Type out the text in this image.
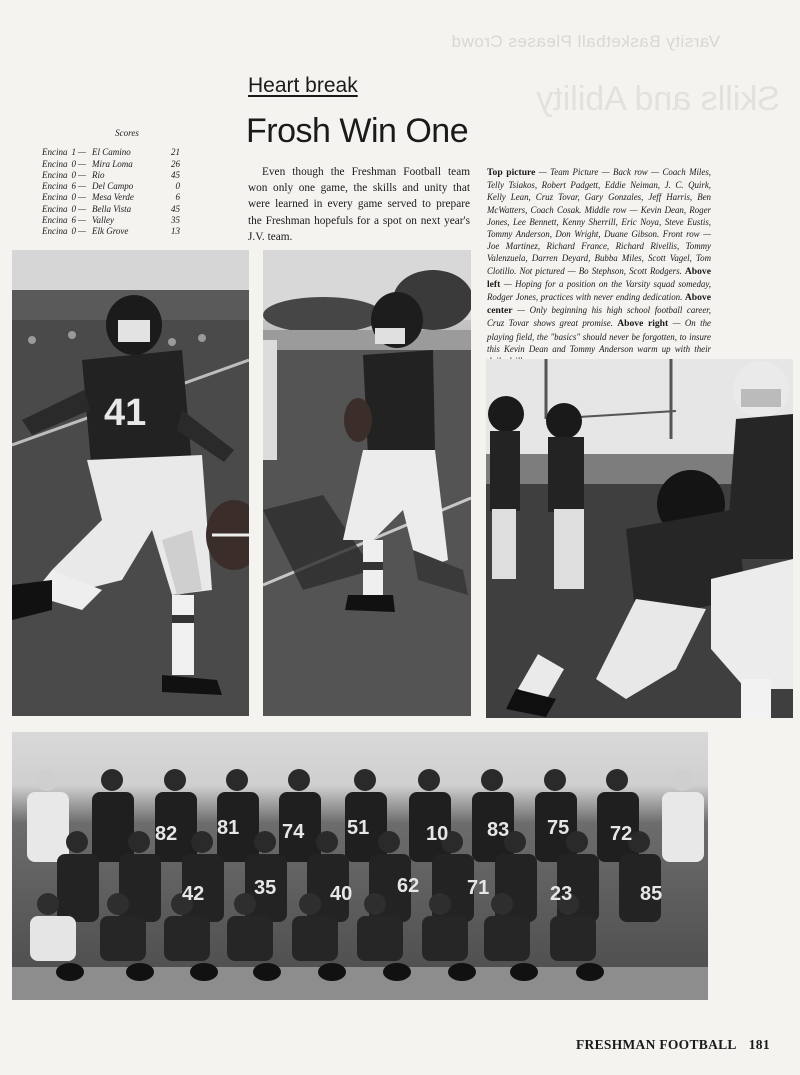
Varsity Basketball Pleases Crowd
Skills and Ability
Heart break
Frosh Win One
Scores
Encina 1 — El Camino	21
Encina 0 — Mira Loma	26
Encina 0 — Rio	45
Encina 6 — Del Campo	0
Encina 0 — Mesa Verde	6
Encina 0 — Bella Vista	45
Encina 6 — Valley	35
Encina 0 — Elk Grove	13
Even though the Freshman Football team won only one game, the skills and unity that were learned in every game served to prepare the Freshman hopefuls for a spot on next year's J.V. team.
Top picture — Team Picture — Back row — Coach Miles, Telly Tsiakos, Robert Padgett, Eddie Neiman, J. C. Quirk, Kelly Lean, Cruz Tovar, Gary Gonzales, Jeff Harris, Ben McWatters, Coach Cosak. Middle row — Kevin Dean, Roger Jones, Lee Bennett, Kenny Sherrill, Eric Noya, Steve Eustis, Tommy Anderson, Don Wright, Duane Gibson. Front row — Joe Martinez, Richard France, Richard Rivellis, Tommy Valenzuela, Darren Deyard, Bubba Miles, Scott Vagel, Tom Clotillo. Not pictured — Bo Stephson, Scott Rodgers. Above left — Hoping for a position on the Varsity squad someday, Rodger Jones, practices with never ending dedication. Above center — Only beginning his high school football career, Cruz Tovar shows great promise. Above right — On the playing field, the "basics" should never be forgotten, to insure this Kevin Dean and Tommy Anderson warm up with their
41
82 81 74 51	10 83 75 72
42 35	40 62 71	23	85
FRESHMAN FOOTBALL 181
